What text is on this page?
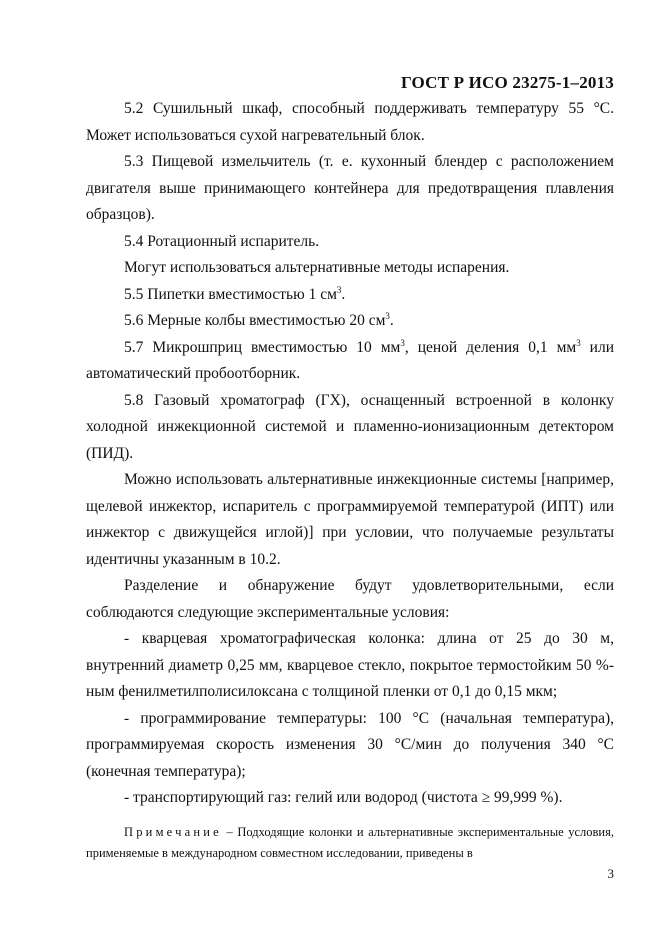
ГОСТ Р ИСО 23275-1–2013

5.2 Сушильный шкаф, способный поддерживать температуру 55 °С. Может использоваться сухой нагревательный блок.

5.3 Пищевой измельчитель (т. е. кухонный блендер с расположением двигателя выше принимающего контейнера для предотвращения плавления образцов).

5.4 Ротационный испаритель.

Могут использоваться альтернативные методы испарения.

5.5 Пипетки вместимостью 1 $см^3$.

5.6 Мерные колбы вместимостью 20 $см^3$.

5.7 Микрошприц вместимостью 10 $мм^3$, ценой деления 0,1 $мм^3$ или автоматический пробоотборник.

5.8 Газовый хроматограф (ГХ), оснащенный встроенной в колонку холодной инжекционной системой и пламенно-ионизационным детектором (ПИД).

Можно использовать альтернативные инжекционные системы [например, щелевой инжектор, испаритель с программируемой температурой (ИПТ) или инжектор с движущейся иглой)] при условии, что получаемые результаты идентичны указанным в 10.2.

Разделение и обнаружение будут удовлетворительными, если соблюдаются следующие экспериментальные условия:

- кварцевая хроматографическая колонка: длина от 25 до 30 м, внутренний диаметр 0,25 мм, кварцевое стекло, покрытое термостойким 50 %-ным фенилметилполисилоксана с толщиной пленки от 0,1 до 0,15 мкм;

- программирование температуры: 100 °С (начальная температура), программируемая скорость изменения 30 °С/мин до получения 340 °С (конечная температура);

- транспортирующий газ: гелий или водород (чистота ≥ 99,999 %).

Примечание – Подходящие колонки и альтернативные экспериментальные условия, применяемые в международном совместном исследовании, приведены в

3
